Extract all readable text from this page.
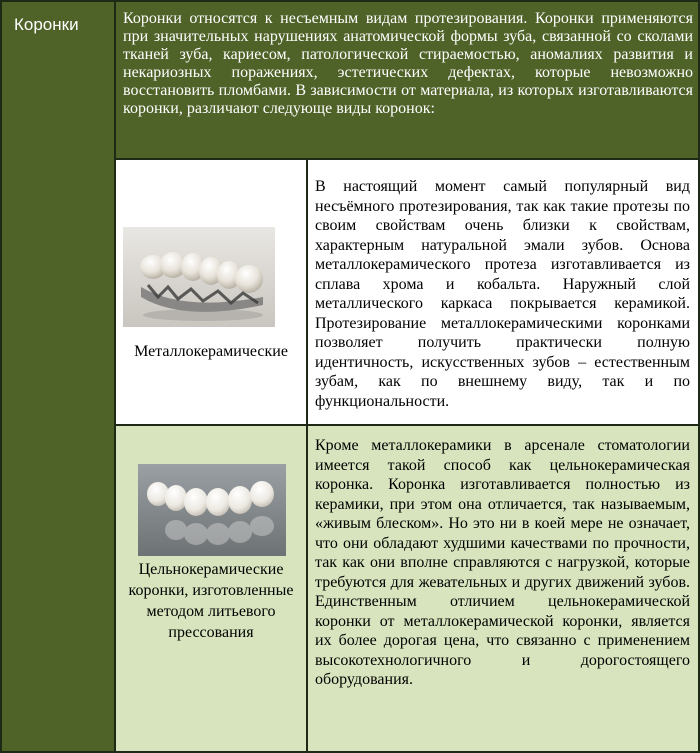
Коронки	Коронки относятся к несъемным видам протезирования. Коронки применяются при значительных нарушениях анатомической формы зуба, связанной со сколами тканей зуба, кариесом, патологической стираемостью, аномалиях развития и некариозных поражениях, эстетических дефектах, которые невозможно восстановить пломбами. В зависимости от материала, из которых изготавливаются коронки, различают следующе виды коронок:
Металлокерамические
В настоящий момент самый популярный вид несъёмного протезирования, так как такие протезы по своим свойствам очень близки к свойствам, характерным натуральной эмали зубов. Основа металлокерамического протеза изготавливается из сплава хрома и кобальта. Наружный слой металлического каркаса покрывается керамикой. Протезирование металлокерамическими коронками позволяет получить практически полную идентичность, искусственных зубов – естественным зубам, как по внешнему виду, так и по функциональности.
Цельнокерамические коронки, изготовленные методом литьевого прессования
Кроме металлокерамики в арсенале стоматологии имеется такой способ как цельнокерамическая коронка. Коронка изготавливается полностью из керамики, при этом она отличается, так называемым, «живым блеском». Но это ни в коей мере не означает, что они обладают худшими качествами по прочности, так как они вполне справляются с нагрузкой, которые требуются для жевательных и других движений зубов. Единственным отличием цельнокерамической коронки от металлокерамической коронки, является их более дорогая цена, что связанно с применением высокотехнологичного и дорогостоящего оборудования.
